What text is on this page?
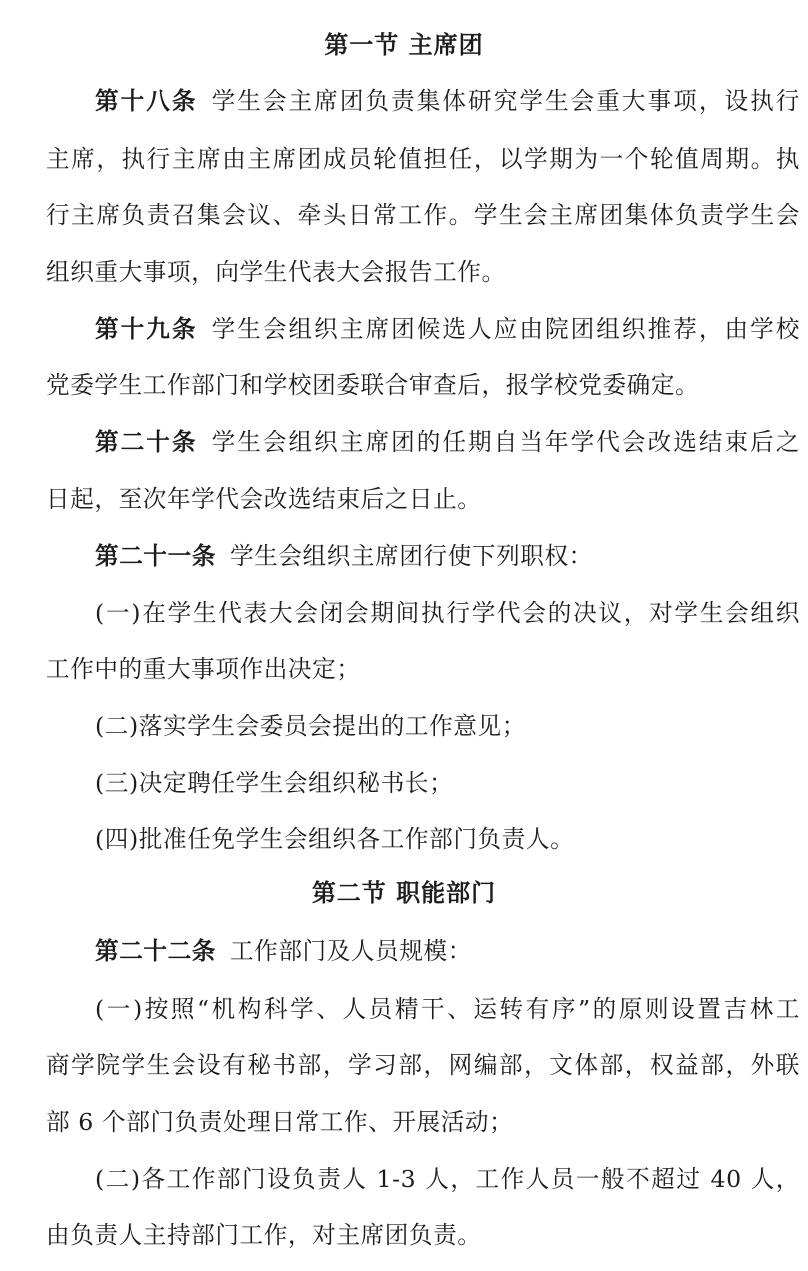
第一节 主席团
第十八条 学生会主席团负责集体研究学生会重大事项，设执行
主席，执行主席由主席团成员轮值担任，以学期为一个轮值周期。执
行主席负责召集会议、牵头日常工作。学生会主席团集体负责学生会
组织重大事项，向学生代表大会报告工作。
第十九条 学生会组织主席团候选人应由院团组织推荐，由学校
党委学生工作部门和学校团委联合审查后，报学校党委确定。
第二十条 学生会组织主席团的任期自当年学代会改选结束后之
日起，至次年学代会改选结束后之日止。
第二十一条 学生会组织主席团行使下列职权：
(一)在学生代表大会闭会期间执行学代会的决议，对学生会组织
工作中的重大事项作出决定；
(二)落实学生会委员会提出的工作意见；
(三)决定聘任学生会组织秘书长；
(四)批准任免学生会组织各工作部门负责人。
第二节 职能部门
第二十二条 工作部门及人员规模：
(一)按照“机构科学、人员精干、运转有序”的原则设置吉林工
商学院学生会设有秘书部，学习部，网编部，文体部，权益部，外联
部 6 个部门负责处理日常工作、开展活动；
(二)各工作部门设负责人 1-3 人，工作人员一般不超过 40 人，
由负责人主持部门工作，对主席团负责。
